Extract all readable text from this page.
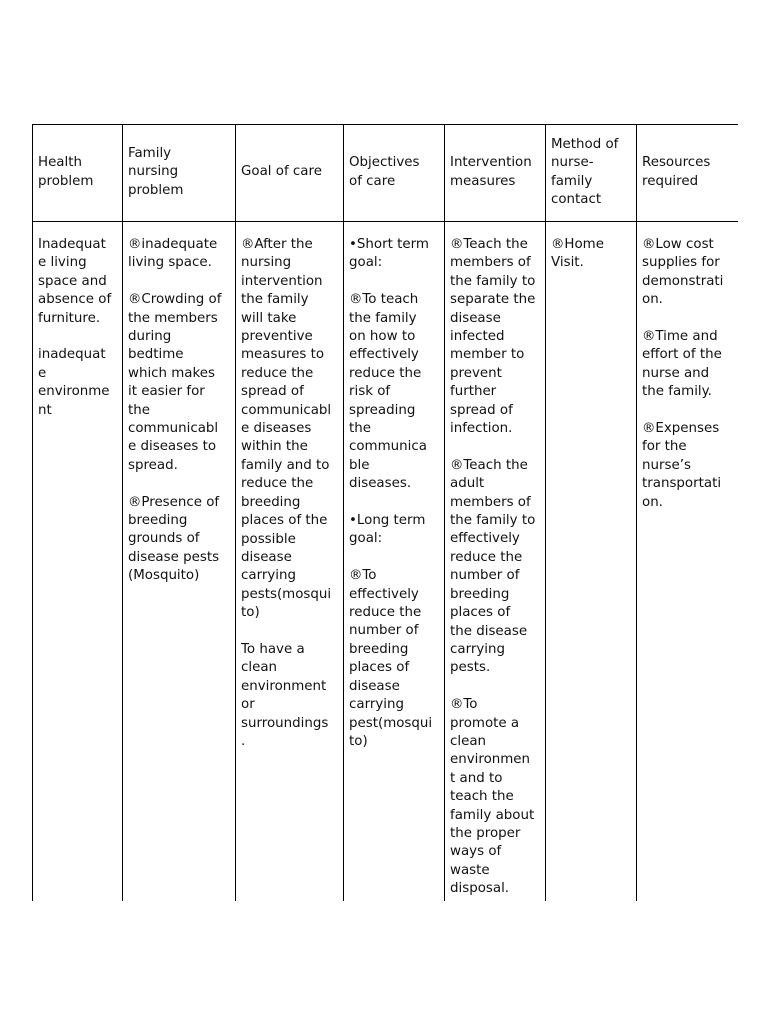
Health
problem
Family
nursing
problem
Goal of care
Objectives
of care
Intervention
measures
Method of
nurse-
family
contact
Resources
required
Inadequat
e living
space and
absence of
furniture.
inadequat
e
environme
nt
®inadequate
living space.
®Crowding of
the members
during
bedtime
which makes
it easier for
the
communicabl
e diseases to
spread.
®Presence of
breeding
grounds of
disease pests
(Mosquito)
®After the
nursing
intervention
the family
will take
preventive
measures to
reduce the
spread of
communicabl
e diseases
within the
family and to
reduce the
breeding
places of the
possible
disease
carrying
pests(mosqui
to)
To have a
clean
environment
or
surroundings
.
•Short term
goal:
®To teach
the family
on how to
effectively
reduce the
risk of
spreading
the
communica
ble
diseases.
•Long term
goal:
®To
effectively
reduce the
number of
breeding
places of
disease
carrying
pest(mosqui
to)
®Teach the
members of
the family to
separate the
disease
infected
member to
prevent
further
spread of
infection.
®Teach the
adult
members of
the family to
effectively
reduce the
number of
breeding
places of
the disease
carrying
pests.
®To
promote a
clean
environmen
t and to
teach the
family about
the proper
ways of
waste
disposal.
®Home
Visit.
®Low cost
supplies for
demonstrati
on.
®Time and
effort of the
nurse and
the family.
®Expenses
for the
nurse’s
transportati
on.
